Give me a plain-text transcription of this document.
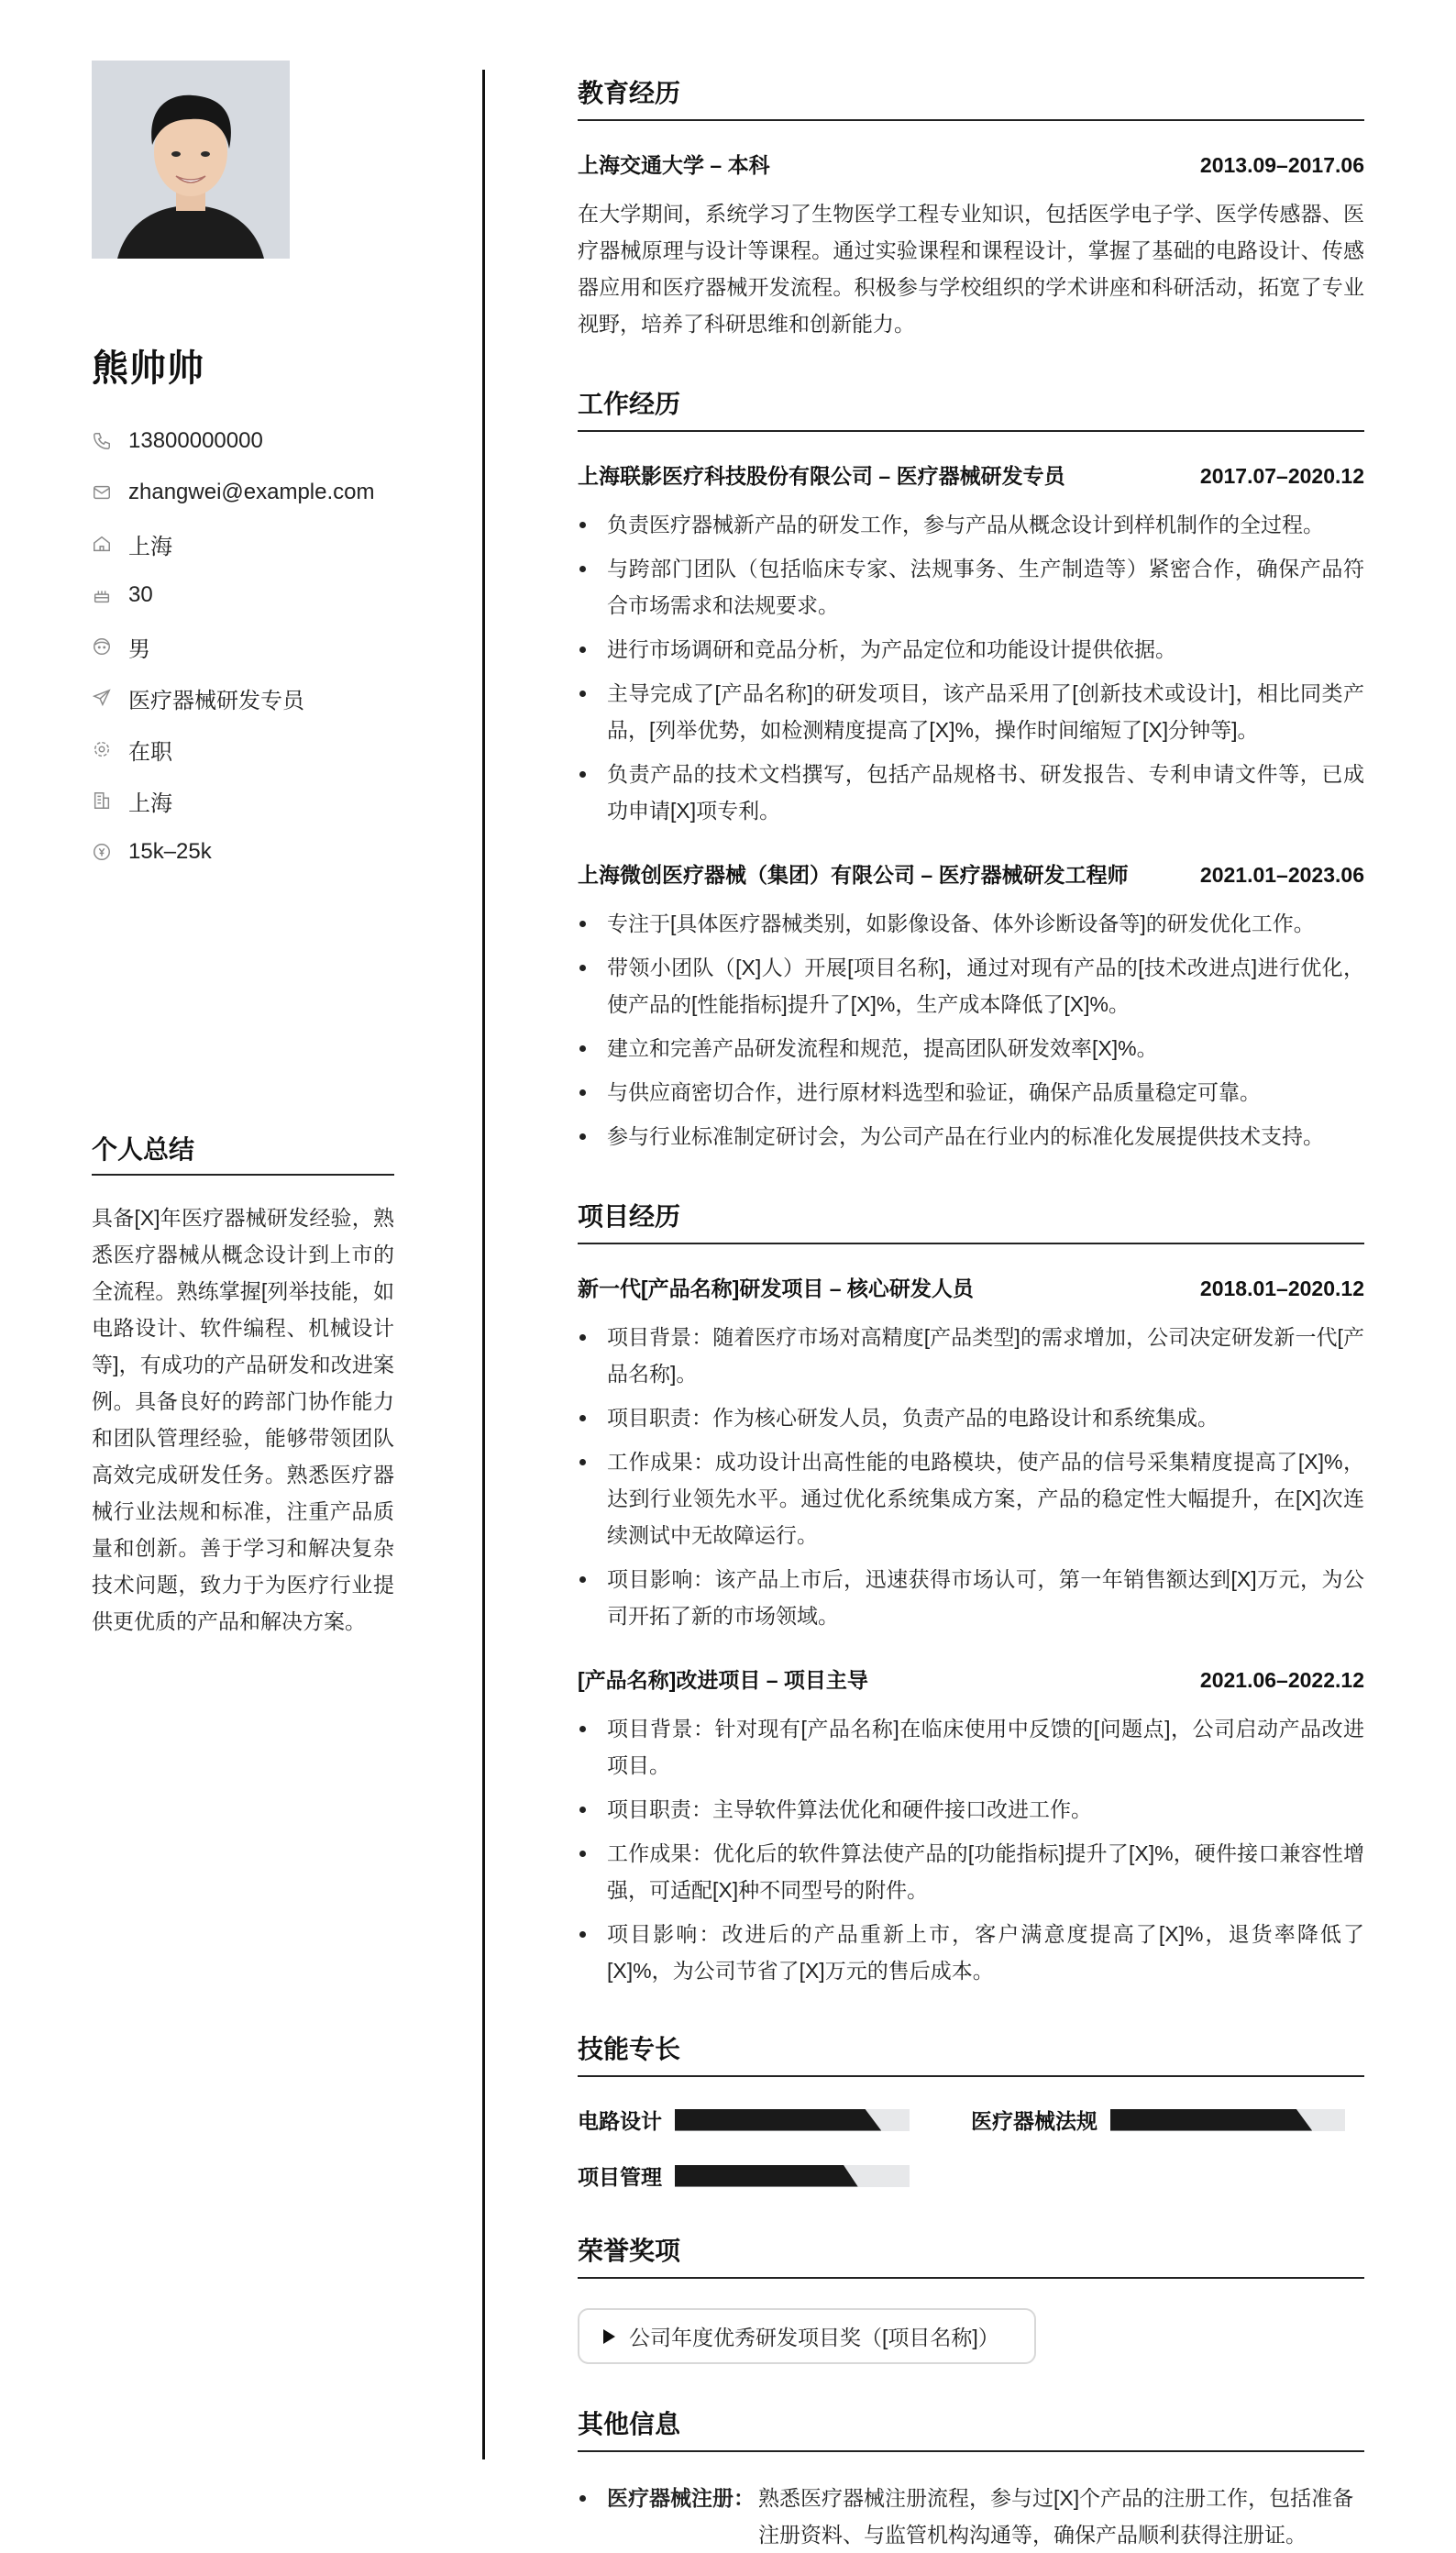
熊帅帅
13800000000
zhangwei@example.com
上海
30
男
医疗器械研发专员
在职
上海
15k–25k
个人总结

具备[X]年医疗器械研发经验，熟悉医疗器械从概念设计到上市的全流程。熟练掌握[列举技能，如电路设计、软件编程、机械设计等]，有成功的产品研发和改进案例。具备良好的跨部门协作能力和团队管理经验，能够带领团队高效完成研发任务。熟悉医疗器械行业法规和标准，注重产品质量和创新。善于学习和解决复杂技术问题，致力于为医疗行业提供更优质的产品和解决方案。

教育经历
上海交通大学 – 本科	2013.09–2017.06

在大学期间，系统学习了生物医学工程专业知识，包括医学电子学、医学传感器、医疗器械原理与设计等课程。通过实验课程和课程设计，掌握了基础的电路设计、传感器应用和医疗器械开发流程。积极参与学校组织的学术讲座和科研活动，拓宽了专业视野，培养了科研思维和创新能力。

工作经历
上海联影医疗科技股份有限公司 – 医疗器械研发专员	2017.07–2020.12
负责医疗器械新产品的研发工作，参与产品从概念设计到样机制作的全过程。
与跨部门团队（包括临床专家、法规事务、生产制造等）紧密合作，确保产品符合市场需求和法规要求。
进行市场调研和竞品分析，为产品定位和功能设计提供依据。
主导完成了[产品名称]的研发项目，该产品采用了[创新技术或设计]，相比同类产品，[列举优势，如检测精度提高了[X]%，操作时间缩短了[X]分钟等]。
负责产品的技术文档撰写，包括产品规格书、研发报告、专利申请文件等，已成功申请[X]项专利。
上海微创医疗器械（集团）有限公司 – 医疗器械研发工程师	2021.01–2023.06
专注于[具体医疗器械类别，如影像设备、体外诊断设备等]的研发优化工作。
带领小团队（[X]人）开展[项目名称]，通过对现有产品的[技术改进点]进行优化，使产品的[性能指标]提升了[X]%，生产成本降低了[X]%。
建立和完善产品研发流程和规范，提高团队研发效率[X]%。
与供应商密切合作，进行原材料选型和验证，确保产品质量稳定可靠。
参与行业标准制定研讨会，为公司产品在行业内的标准化发展提供技术支持。
项目经历
新一代[产品名称]研发项目 – 核心研发人员	2018.01–2020.12
项目背景：随着医疗市场对高精度[产品类型]的需求增加，公司决定研发新一代[产品名称]。
项目职责：作为核心研发人员，负责产品的电路设计和系统集成。
工作成果：成功设计出高性能的电路模块，使产品的信号采集精度提高了[X]%，达到行业领先水平。通过优化系统集成方案，产品的稳定性大幅提升，在[X]次连续测试中无故障运行。
项目影响：该产品上市后，迅速获得市场认可，第一年销售额达到[X]万元，为公司开拓了新的市场领域。
[产品名称]改进项目 – 项目主导	2021.06–2022.12
项目背景：针对现有[产品名称]在临床使用中反馈的[问题点]，公司启动产品改进项目。
项目职责：主导软件算法优化和硬件接口改进工作。
工作成果：优化后的软件算法使产品的[功能指标]提升了[X]%，硬件接口兼容性增强，可适配[X]种不同型号的附件。
项目影响：改进后的产品重新上市，客户满意度提高了[X]%，退货率降低了[X]%，为公司节省了[X]万元的售后成本。
技能专长
电路设计	医疗器械法规
项目管理
荣誉奖项
公司年度优秀研发项目奖（[项目名称]）
其他信息
医疗器械注册： 熟悉医疗器械注册流程，参与过[X]个产品的注册工作，包括准备注册资料、与监管机构沟通等，确保产品顺利获得注册证。
